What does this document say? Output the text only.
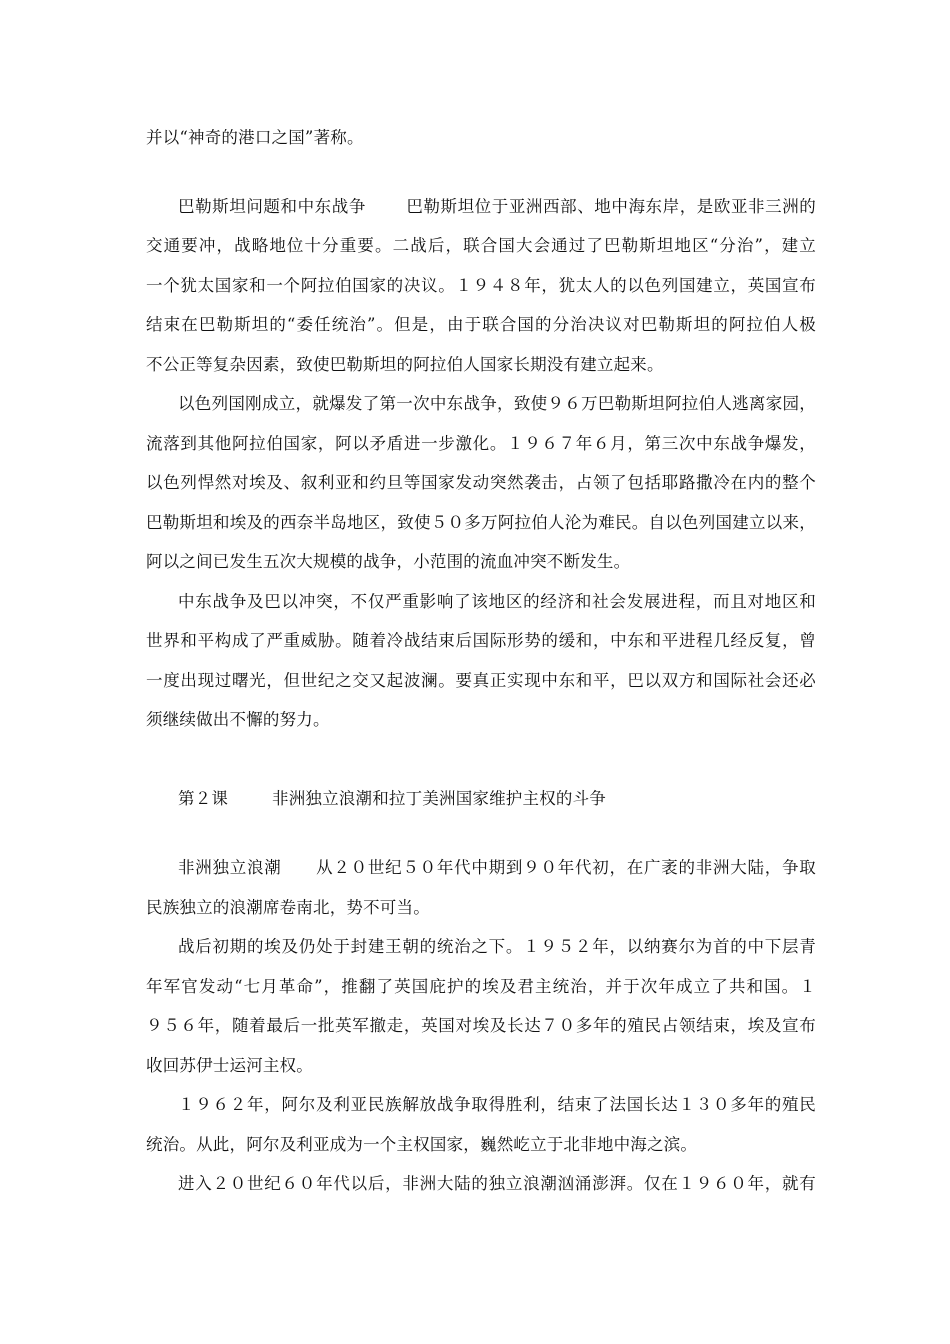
并以“神奇的港口之国”著称。
巴勒斯坦问题和中东战争 巴勒斯坦位于亚洲西部、地中海东岸，是欧亚非三洲的
交通要冲，战略地位十分重要。二战后，联合国大会通过了巴勒斯坦地区“分治”，建立
一个犹太国家和一个阿拉伯国家的决议。１９４８年，犹太人的以色列国建立，英国宣布
结束在巴勒斯坦的“委任统治”。但是，由于联合国的分治决议对巴勒斯坦的阿拉伯人极
不公正等复杂因素，致使巴勒斯坦的阿拉伯人国家长期没有建立起来。
以色列国刚成立，就爆发了第一次中东战争，致使９６万巴勒斯坦阿拉伯人逃离家园，
流落到其他阿拉伯国家，阿以矛盾进一步激化。１９６７年６月，第三次中东战争爆发，
以色列悍然对埃及、叙利亚和约旦等国家发动突然袭击，占领了包括耶路撒冷在内的整个
巴勒斯坦和埃及的西奈半岛地区，致使５０多万阿拉伯人沦为难民。自以色列国建立以来，
阿以之间已发生五次大规模的战争，小范围的流血冲突不断发生。
中东战争及巴以冲突，不仅严重影响了该地区的经济和社会发展进程，而且对地区和
世界和平构成了严重威胁。随着冷战结束后国际形势的缓和，中东和平进程几经反复，曾
一度出现过曙光，但世纪之交又起波澜。要真正实现中东和平，巴以双方和国际社会还必
须继续做出不懈的努力。
第２课	非洲独立浪潮和拉丁美洲国家维护主权的斗争
非洲独立浪潮 从２０世纪５０年代中期到９０年代初，在广袤的非洲大陆，争取
民族独立的浪潮席卷南北，势不可当。
战后初期的埃及仍处于封建王朝的统治之下。１９５２年，以纳赛尔为首的中下层青
年军官发动“七月革命”，推翻了英国庇护的埃及君主统治，并于次年成立了共和国。１
９５６年，随着最后一批英军撤走，英国对埃及长达７０多年的殖民占领结束，埃及宣布
收回苏伊士运河主权。
１９６２年，阿尔及利亚民族解放战争取得胜利，结束了法国长达１３０多年的殖民
统治。从此，阿尔及利亚成为一个主权国家，巍然屹立于北非地中海之滨。
进入２０世纪６０年代以后，非洲大陆的独立浪潮汹涌澎湃。仅在１９６０年，就有
